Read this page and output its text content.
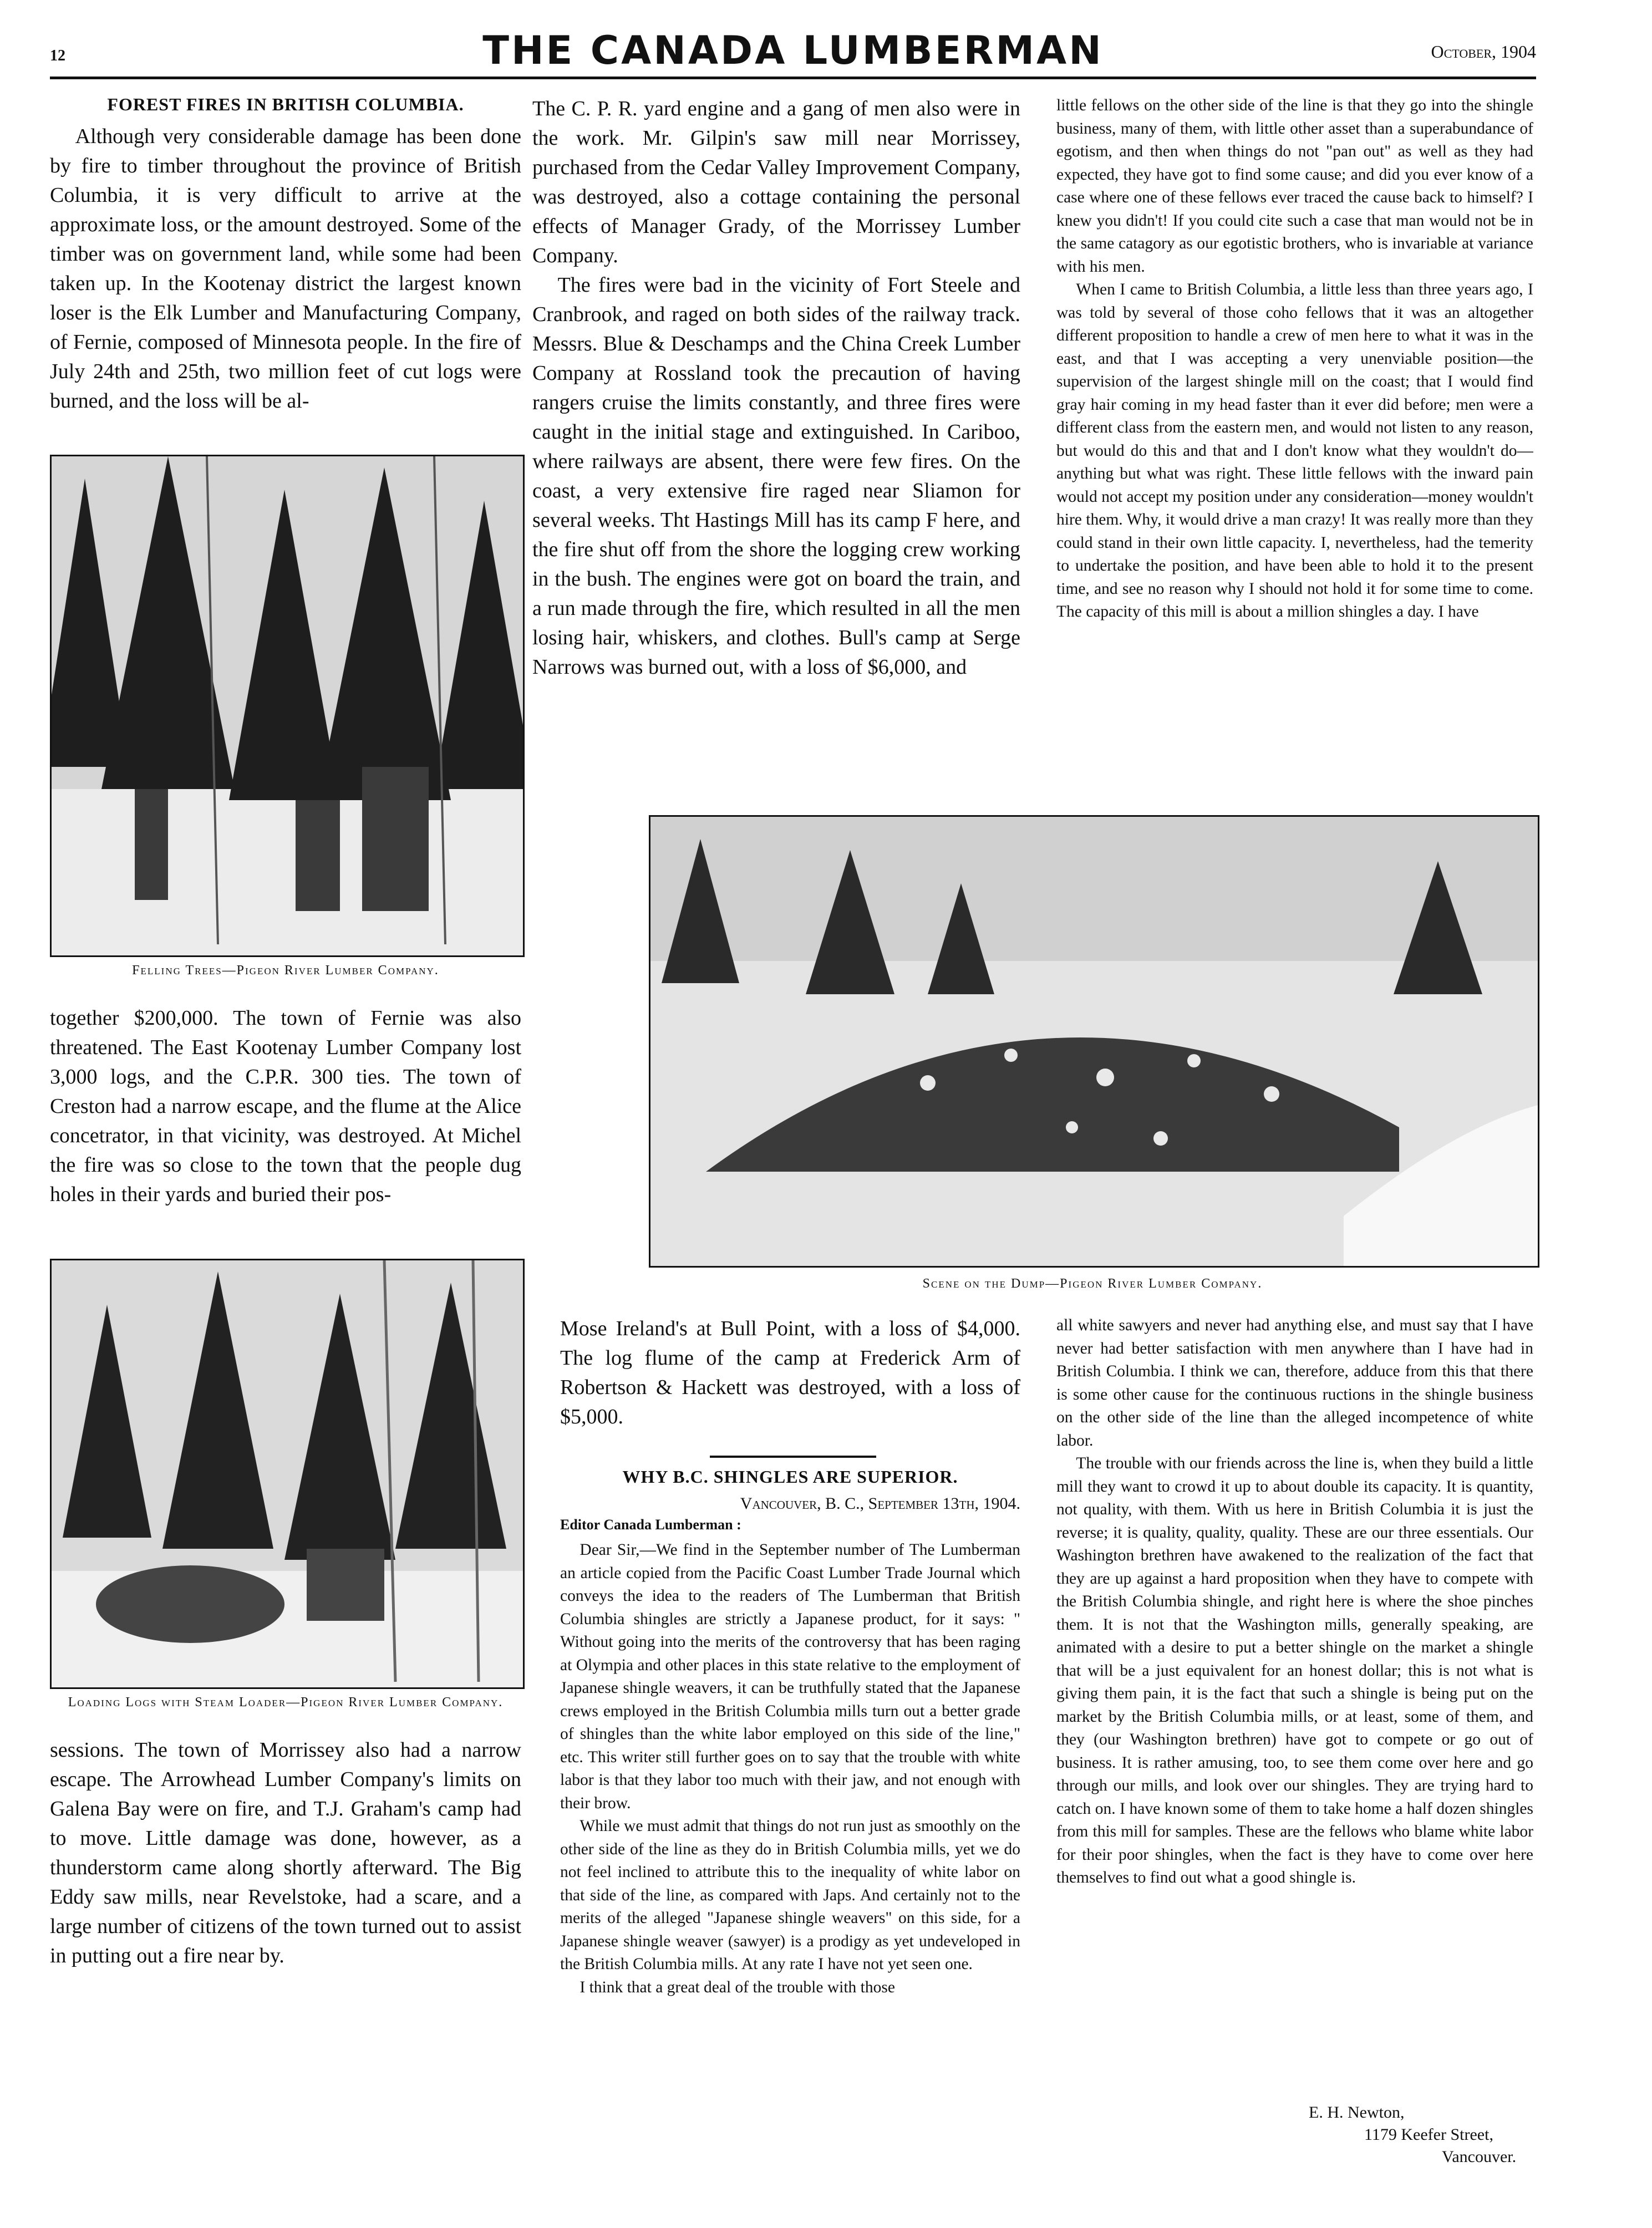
12	THE CANADA LUMBERMAN	October, 1904
FOREST FIRES IN BRITISH COLUMBIA.

Although very considerable damage has been done by fire to timber throughout the province of British Columbia, it is very difficult to arrive at the approximate loss, or the amount destroyed. Some of the timber was on government land, while some had been taken up. In the Kootenay district the largest known loser is the Elk Lumber and Manufacturing Company, of Fernie, composed of Minnesota people. In the fire of July 24th and 25th, two million feet of cut logs were burned, and the loss will be al-

Felling Trees—Pigeon River Lumber Company.

together $200,000. The town of Fernie was also threatened. The East Kootenay Lumber Company lost 3,000 logs, and the C.P.R. 300 ties. The town of Creston had a narrow escape, and the flume at the Alice concetrator, in that vicinity, was destroyed. At Michel the fire was so close to the town that the people dug holes in their yards and buried their pos-

Loading Logs with Steam Loader—Pigeon River Lumber Company.

sessions. The town of Morrissey also had a narrow escape. The Arrowhead Lumber Company's limits on Galena Bay were on fire, and T.J. Graham's camp had to move. Little damage was done, however, as a thunderstorm came along shortly afterward. The Big Eddy saw mills, near Revelstoke, had a scare, and a large number of citizens of the town turned out to assist in putting out a fire near by.

The C. P. R. yard engine and a gang of men also were in the work. Mr. Gilpin's saw mill near Morrissey, purchased from the Cedar Valley Improvement Company, was destroyed, also a cottage containing the personal effects of Manager Grady, of the Morrissey Lumber Company.

The fires were bad in the vicinity of Fort Steele and Cranbrook, and raged on both sides of the railway track. Messrs. Blue & Deschamps and the China Creek Lumber Company at Rossland took the precaution of having rangers cruise the limits constantly, and three fires were caught in the initial stage and extinguished. In Cariboo, where railways are absent, there were few fires. On the coast, a very extensive fire raged near Sliamon for several weeks. Tht Hastings Mill has its camp F here, and the fire shut off from the shore the logging crew working in the bush. The engines were got on board the train, and a run made through the fire, which resulted in all the men losing hair, whiskers, and clothes. Bull's camp at Serge Narrows was burned out, with a loss of $6,000, and

little fellows on the other side of the line is that they go into the shingle business, many of them, with little other asset than a superabundance of egotism, and then when things do not "pan out" as well as they had expected, they have got to find some cause; and did you ever know of a case where one of these fellows ever traced the cause back to himself? I knew you didn't! If you could cite such a case that man would not be in the same catagory as our egotistic brothers, who is invariable at variance with his men.

When I came to British Columbia, a little less than three years ago, I was told by several of those coho fellows that it was an altogether different proposition to handle a crew of men here to what it was in the east, and that I was accepting a very unenviable position—the supervision of the largest shingle mill on the coast; that I would find gray hair coming in my head faster than it ever did before; men were a different class from the eastern men, and would not listen to any reason, but would do this and that and I don't know what they wouldn't do—anything but what was right. These little fellows with the inward pain would not accept my position under any consideration—money wouldn't hire them. Why, it would drive a man crazy! It was really more than they could stand in their own little capacity. I, nevertheless, had the temerity to undertake the position, and have been able to hold it to the present time, and see no reason why I should not hold it for some time to come. The capacity of this mill is about a million shingles a day. I have

Scene on the Dump—Pigeon River Lumber Company.

Mose Ireland's at Bull Point, with a loss of $4,000. The log flume of the camp at Frederick Arm of Robertson & Hackett was destroyed, with a loss of $5,000.

WHY B.C. SHINGLES ARE SUPERIOR.
Vancouver, B. C., September 13th, 1904.
Editor Canada Lumberman :

Dear Sir,—We find in the September number of The Lumberman an article copied from the Pacific Coast Lumber Trade Journal which conveys the idea to the readers of The Lumberman that British Columbia shingles are strictly a Japanese product, for it says: " Without going into the merits of the controversy that has been raging at Olympia and other places in this state relative to the employment of Japanese shingle weavers, it can be truthfully stated that the Japanese crews employed in the British Columbia mills turn out a better grade of shingles than the white labor employed on this side of the line," etc. This writer still further goes on to say that the trouble with white labor is that they labor too much with their jaw, and not enough with their brow.

While we must admit that things do not run just as smoothly on the other side of the line as they do in British Columbia mills, yet we do not feel inclined to attribute this to the inequality of white labor on that side of the line, as compared with Japs. And certainly not to the merits of the alleged "Japanese shingle weavers" on this side, for a Japanese shingle weaver (sawyer) is a prodigy as yet undeveloped in the British Columbia mills. At any rate I have not yet seen one.

I think that a great deal of the trouble with those

all white sawyers and never had anything else, and must say that I have never had better satisfaction with men anywhere than I have had in British Columbia. I think we can, therefore, adduce from this that there is some other cause for the continuous ructions in the shingle business on the other side of the line than the alleged incompetence of white labor.

The trouble with our friends across the line is, when they build a little mill they want to crowd it up to about double its capacity. It is quantity, not quality, with them. With us here in British Columbia it is just the reverse; it is quality, quality, quality. These are our three essentials. Our Washington brethren have awakened to the realization of the fact that they are up against a hard proposition when they have to compete with the British Columbia shingle, and right here is where the shoe pinches them. It is not that the Washington mills, generally speaking, are animated with a desire to put a better shingle on the market a shingle that will be a just equivalent for an honest dollar; this is not what is giving them pain, it is the fact that such a shingle is being put on the market by the British Columbia mills, or at least, some of them, and they (our Washington brethren) have got to compete or go out of business. It is rather amusing, too, to see them come over here and go through our mills, and look over our shingles. They are trying hard to catch on. I have known some of them to take home a half dozen shingles from this mill for samples. These are the fellows who blame white labor for their poor shingles, when the fact is they have to come over here themselves to find out what a good shingle is.

E. H. Newton,
1179 Keefer Street,
Vancouver.
